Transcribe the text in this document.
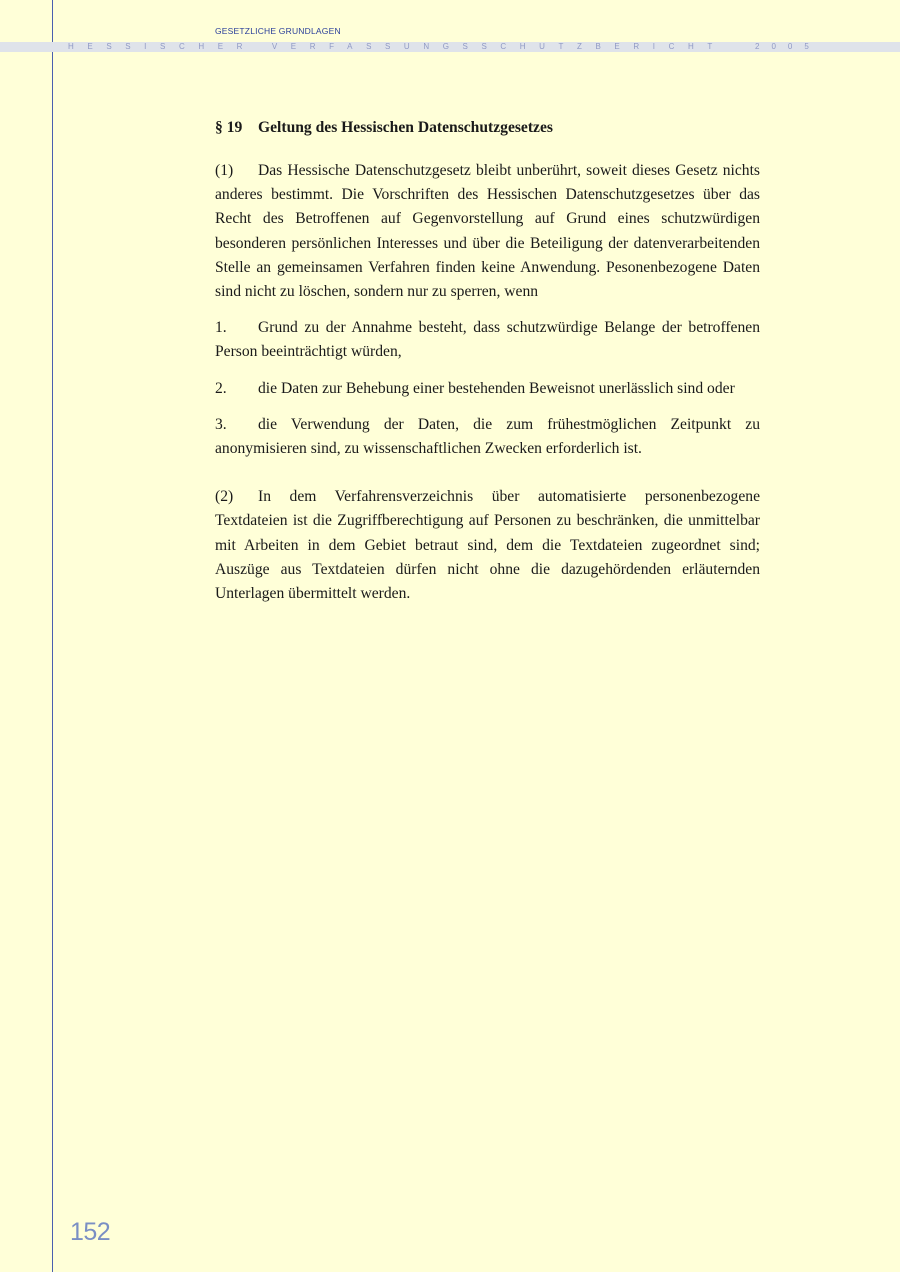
GESETZLICHE GRUNDLAGEN
HESSISCHER VERFASSUNGSSCHUTZBERICHT	2005
§ 19 Geltung des Hessischen Datenschutzgesetzes

(1) Das Hessische Datenschutzgesetz bleibt unberührt, soweit dieses Gesetz nichts anderes bestimmt. Die Vorschriften des Hessischen Datenschutzgesetzes über das Recht des Betroffenen auf Gegenvorstellung auf Grund eines schutzwürdigen besonderen persönlichen Interesses und über die Beteiligung der datenverarbeitenden Stelle an gemeinsamen Verfahren finden keine Anwendung. Pesonenbezogene Daten sind nicht zu löschen, sondern nur zu sperren, wenn

1. Grund zu der Annahme besteht, dass schutzwürdige Belange der betroffenen Person beeinträchtigt würden,

2. die Daten zur Behebung einer bestehenden Beweisnot unerlässlich sind oder

3. die Verwendung der Daten, die zum frühestmöglichen Zeitpunkt zu anonymisieren sind, zu wissenschaftlichen Zwecken erforderlich ist.

(2) In dem Verfahrensverzeichnis über automatisierte personenbezogene Textdateien ist die Zugriffberechtigung auf Personen zu beschränken, die unmittelbar mit Arbeiten in dem Gebiet betraut sind, dem die Textdateien zugeordnet sind; Auszüge aus Textdateien dürfen nicht ohne die dazugehördenden erläuternden Unterlagen übermittelt werden.

152
